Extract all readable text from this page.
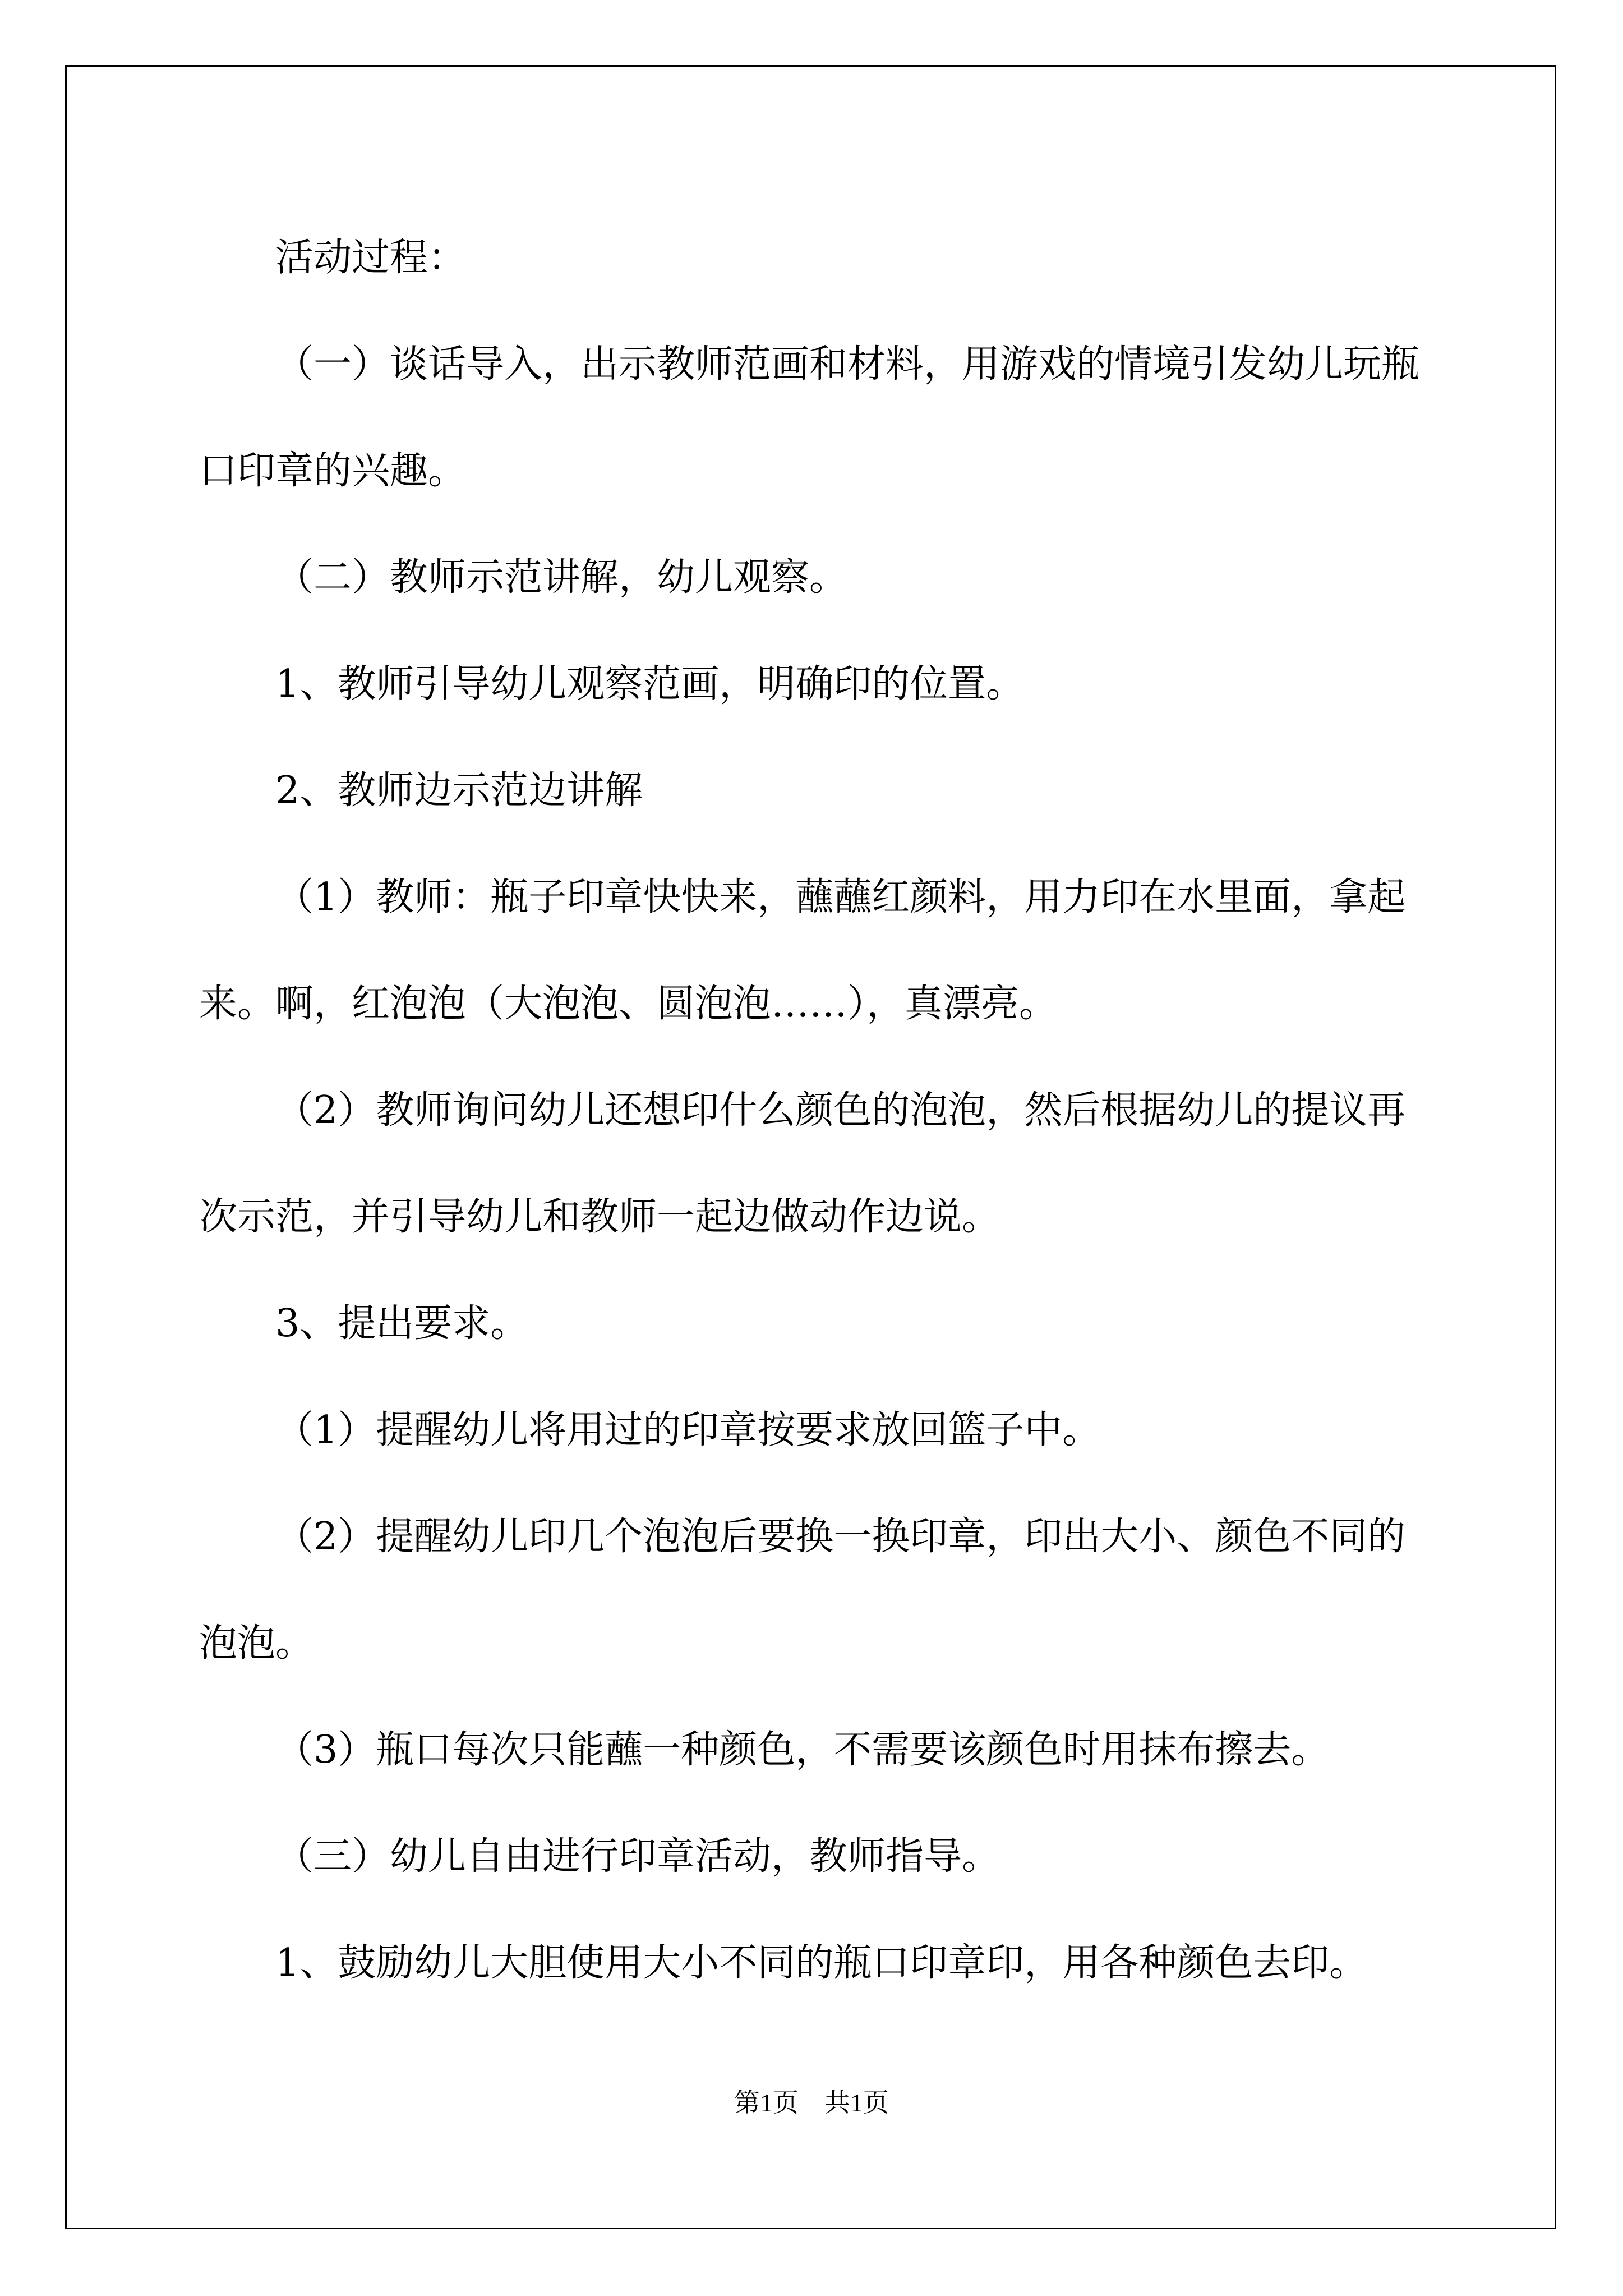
活动过程：

（一）谈话导入，出示教师范画和材料，用游戏的情境引发幼儿玩瓶口印章的兴趣。

（二）教师示范讲解，幼儿观察。

1、教师引导幼儿观察范画，明确印的位置。

2、教师边示范边讲解

（1）教师：瓶子印章快快来，蘸蘸红颜料，用力印在水里面，拿起来。啊，红泡泡（大泡泡、圆泡泡……），真漂亮。

（2）教师询问幼儿还想印什么颜色的泡泡，然后根据幼儿的提议再次示范，并引导幼儿和教师一起边做动作边说。

3、提出要求。

（1）提醒幼儿将用过的印章按要求放回篮子中。

（2）提醒幼儿印几个泡泡后要换一换印章，印出大小、颜色不同的泡泡。

（3）瓶口每次只能蘸一种颜色，不需要该颜色时用抹布擦去。

（三）幼儿自由进行印章活动，教师指导。

1、鼓励幼儿大胆使用大小不同的瓶口印章印，用各种颜色去印。

第1页 共1页
